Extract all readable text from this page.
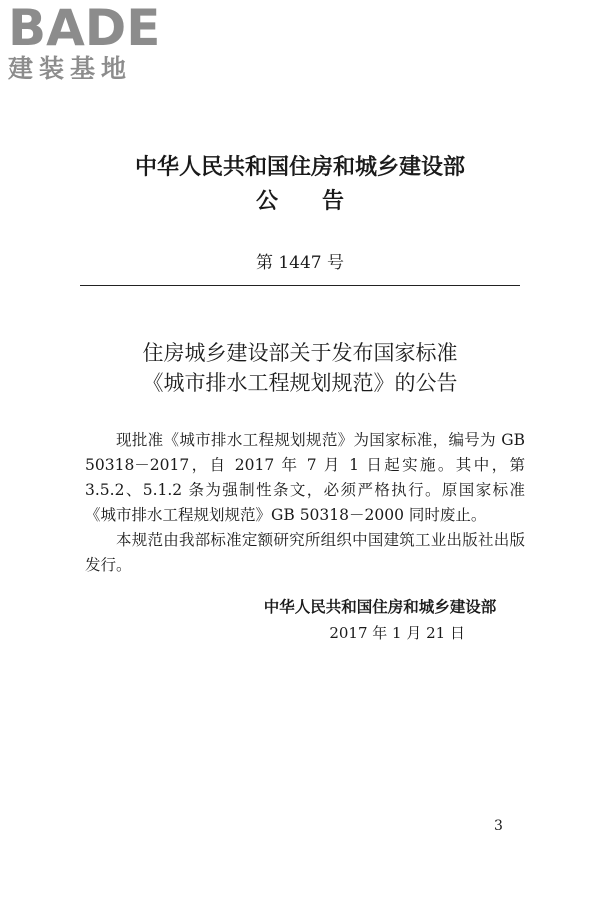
BADE
建装基地
中华人民共和国住房和城乡建设部
公　　告
第 1447 号
住房城乡建设部关于发布国家标准
《城市排水工程规划规范》的公告

现批准《城市排水工程规划规范》为国家标准，编号为 GB 50318－2017，自 2017 年 7 月 1 日起实施。其中，第 3.5.2、5.1.2 条为强制性条文，必须严格执行。原国家标准《城市排水工程规划规范》GB 50318－2000 同时废止。

本规范由我部标准定额研究所组织中国建筑工业出版社出版发行。

中华人民共和国住房和城乡建设部
2017 年 1 月 21 日
3
